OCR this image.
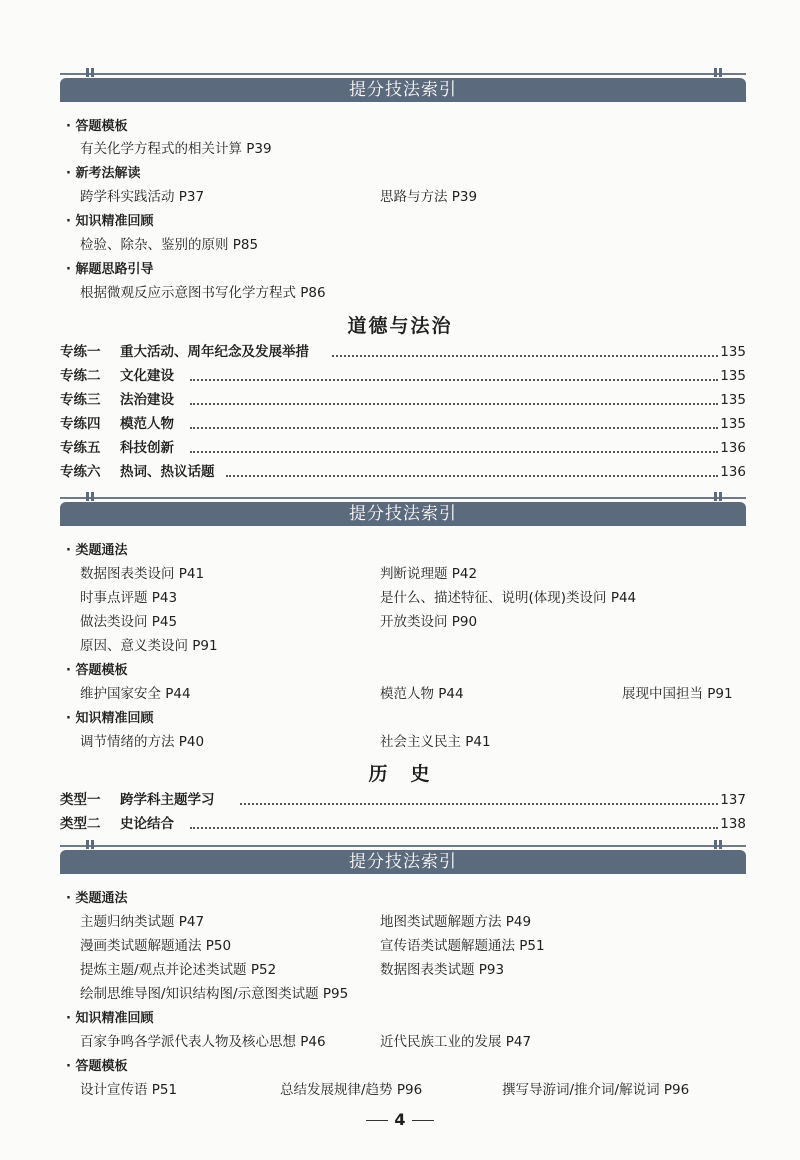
提分技法索引
· 答题模板
有关化学方程式的相关计算 P39
· 新考法解读
跨学科实践活动 P37	思路与方法 P39
· 知识精准回顾
检验、除杂、鉴别的原则 P85
· 解题思路引导
根据微观反应示意图书写化学方程式 P86
道德与法治
专练一 重大活动、周年纪念及发展举措	135
专练二 文化建设	135
专练三 法治建设	135
专练四 模范人物	135
专练五 科技创新	136
专练六 热词、热议话题	136
提分技法索引
· 类题通法
数据图表类设问 P41	判断说理题 P42
时事点评题 P43	是什么、描述特征、说明(体现)类设问 P44
做法类设问 P45	开放类设问 P90
原因、意义类设问 P91
· 答题模板
维护国家安全 P44	模范人物 P44	展现中国担当 P91
· 知识精准回顾
调节情绪的方法 P40	社会主义民主 P41
历　史
类型一 跨学科主题学习	137
类型二 史论结合	138
提分技法索引
· 类题通法
主题归纳类试题 P47	地图类试题解题方法 P49
漫画类试题解题通法 P50	宣传语类试题解题通法 P51
提炼主题/观点并论述类试题 P52	数据图表类试题 P93
绘制思维导图/知识结构图/示意图类试题 P95
· 知识精准回顾
百家争鸣各学派代表人物及核心思想 P46	近代民族工业的发展 P47
· 答题模板
设计宣传语 P51	总结发展规律/趋势 P96	撰写导游词/推介词/解说词 P96
4
